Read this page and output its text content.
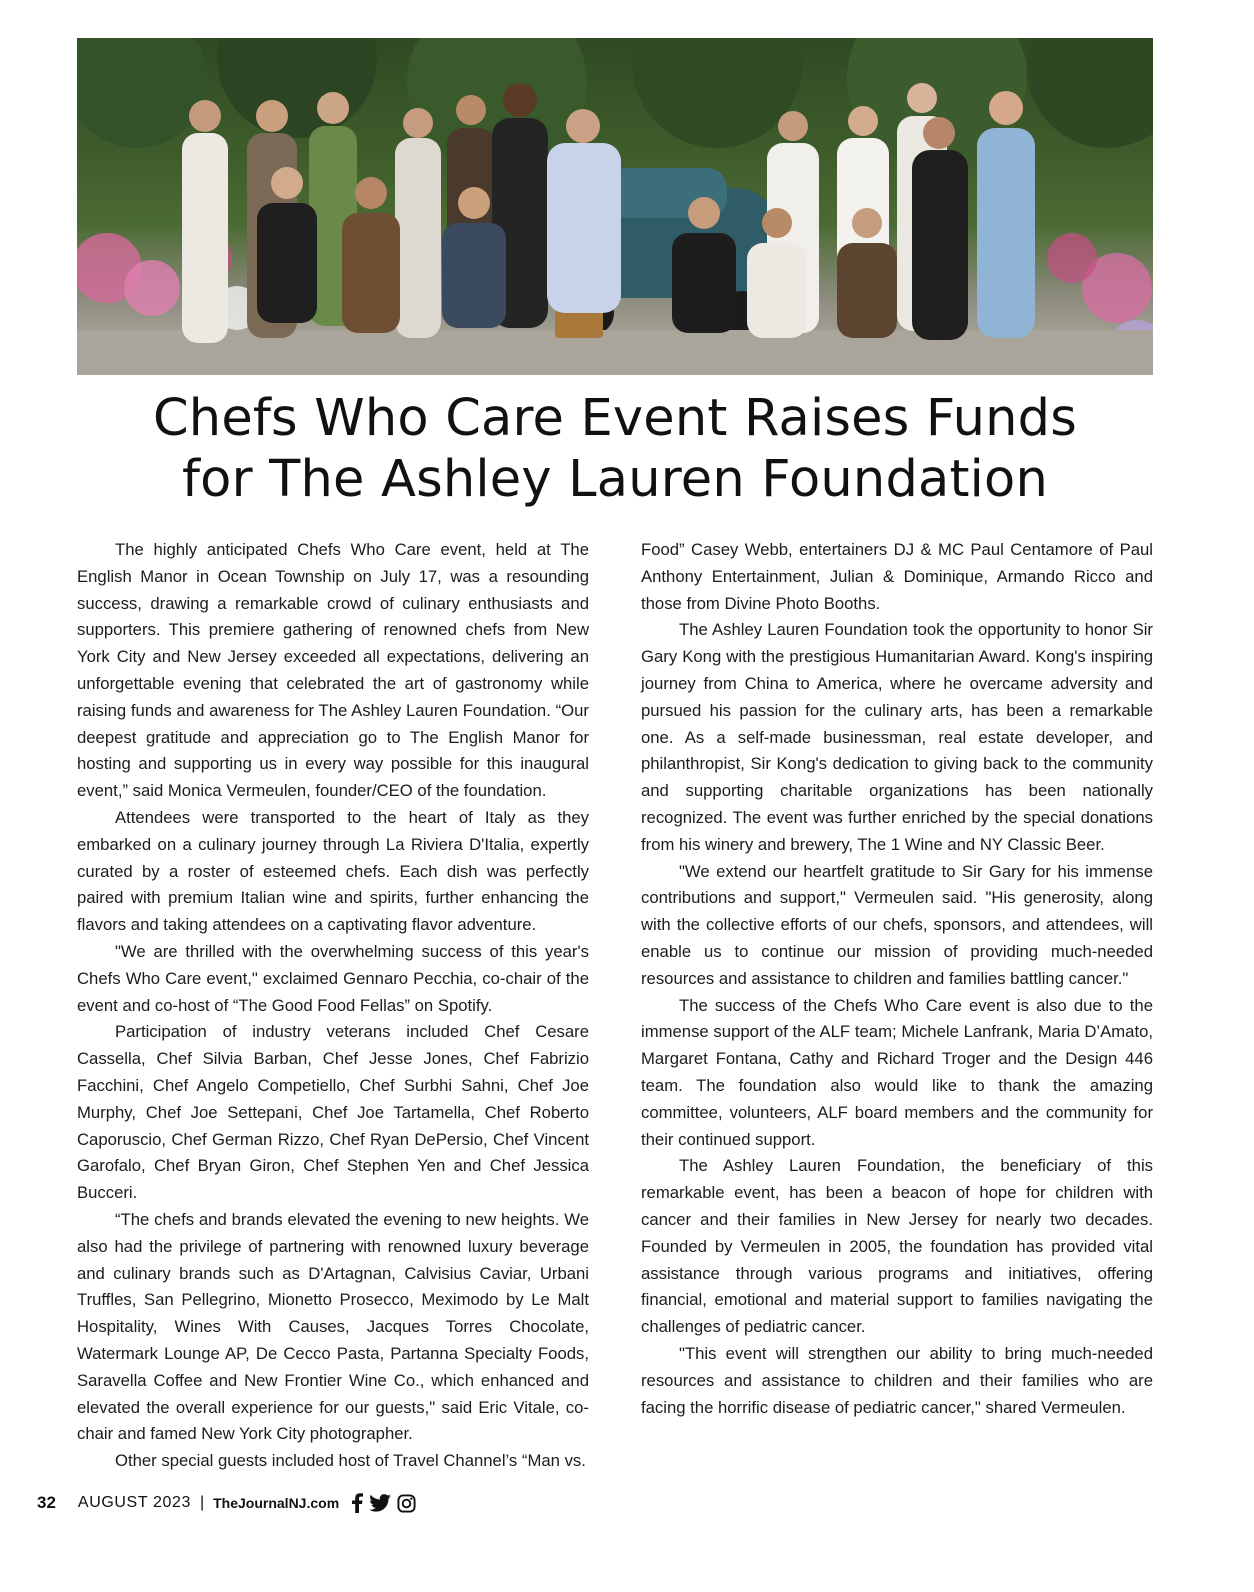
Chefs Who Care Event Raises Funds
for The Ashley Lauren Foundation

The highly anticipated Chefs Who Care event, held at The English Manor in Ocean Township on July 17, was a resounding success, drawing a remarkable crowd of culinary enthusiasts and supporters. This premiere gathering of renowned chefs from New York City and New Jersey exceeded all expectations, delivering an unforgettable evening that celebrated the art of gastronomy while raising funds and awareness for The Ashley Lauren Foundation. “Our deepest gratitude and appreciation go to The English Manor for hosting and supporting us in every way possible for this inaugural event,” said Monica Vermeulen, founder/CEO of the foundation.

Attendees were transported to the heart of Italy as they embarked on a culinary journey through La Riviera D'Italia, expertly curated by a roster of esteemed chefs. Each dish was perfectly paired with premium Italian wine and spirits, further enhancing the flavors and taking attendees on a captivating flavor adventure.

"We are thrilled with the overwhelming success of this year's Chefs Who Care event," exclaimed Gennaro Pecchia, co-chair of the event and co-host of “The Good Food Fellas” on Spotify.

Participation of industry veterans included Chef Cesare Cassella, Chef Silvia Barban, Chef Jesse Jones, Chef Fabrizio Facchini, Chef Angelo Competiello, Chef Surbhi Sahni, Chef Joe Murphy, Chef Joe Settepani, Chef Joe Tartamella, Chef Roberto Caporuscio, Chef German Rizzo, Chef Ryan DePersio, Chef Vincent Garofalo, Chef Bryan Giron, Chef Stephen Yen and Chef Jessica Bucceri.

“The chefs and brands elevated the evening to new heights. We also had the privilege of partnering with renowned luxury beverage and culinary brands such as D'Artagnan, Calvisius Caviar, Urbani Truffles, San Pellegrino, Mionetto Prosecco, Meximodo by Le Malt Hospitality, Wines With Causes, Jacques Torres Chocolate, Watermark Lounge AP, De Cecco Pasta, Partanna Specialty Foods, Saravella Coffee and New Frontier Wine Co., which enhanced and elevated the overall experience for our guests," said Eric Vitale, co-chair and famed New York City photographer.

Other special guests included host of Travel Channel’s “Man vs.

Food” Casey Webb, entertainers DJ & MC Paul Centamore of Paul Anthony Entertainment, Julian & Dominique, Armando Ricco and those from Divine Photo Booths.

The Ashley Lauren Foundation took the opportunity to honor Sir Gary Kong with the prestigious Humanitarian Award. Kong's inspiring journey from China to America, where he overcame adversity and pursued his passion for the culinary arts, has been a remarkable one. As a self-made businessman, real estate developer, and philanthropist, Sir Kong's dedication to giving back to the community and supporting charitable organizations has been nationally recognized. The event was further enriched by the special donations from his winery and brewery, The 1 Wine and NY Classic Beer.

"We extend our heartfelt gratitude to Sir Gary for his immense contributions and support," Vermeulen said. "His generosity, along with the collective efforts of our chefs, sponsors, and attendees, will enable us to continue our mission of providing much-needed resources and assistance to children and families battling cancer."

The success of the Chefs Who Care event is also due to the immense support of the ALF team; Michele Lanfrank, Maria D’Amato, Margaret Fontana, Cathy and Richard Troger and the Design 446 team. The foundation also would like to thank the amazing committee, volunteers, ALF board members and the community for their continued support.

The Ashley Lauren Foundation, the beneficiary of this remarkable event, has been a beacon of hope for children with cancer and their families in New Jersey for nearly two decades. Founded by Vermeulen in 2005, the foundation has provided vital assistance through various programs and initiatives, offering financial, emotional and material support to families navigating the challenges of pediatric cancer.

"This event will strengthen our ability to bring much-needed resources and assistance to children and their families who are facing the horrific disease of pediatric cancer," shared Vermeulen.

32 AUGUST 2023 | TheJournalNJ.com
